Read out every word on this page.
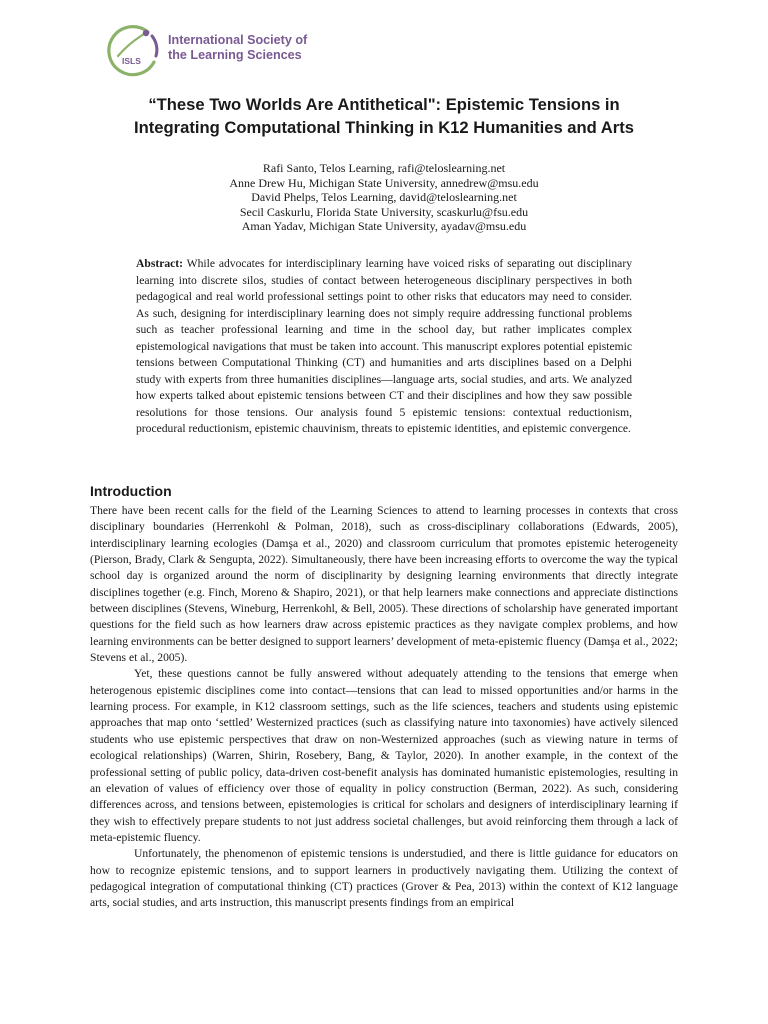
ISLS
International Society of
the Learning Sciences
“These Two Worlds Are Antithetical": Epistemic Tensions in
Integrating Computational Thinking in K12 Humanities and Arts
Rafi Santo, Telos Learning, rafi@teloslearning.net
Anne Drew Hu, Michigan State University, annedrew@msu.edu
David Phelps, Telos Learning, david@teloslearning.net
Secil Caskurlu, Florida State University, scaskurlu@fsu.edu
Aman Yadav, Michigan State University, ayadav@msu.edu
Abstract: While advocates for interdisciplinary learning have voiced risks of separating out disciplinary learning into discrete silos, studies of contact between heterogeneous disciplinary perspectives in both pedagogical and real world professional settings point to other risks that educators may need to consider. As such, designing for interdisciplinary learning does not simply require addressing functional problems such as teacher professional learning and time in the school day, but rather implicates complex epistemological navigations that must be taken into account. This manuscript explores potential epistemic tensions between Computational Thinking (CT) and humanities and arts disciplines based on a Delphi study with experts from three humanities disciplines—language arts, social studies, and arts. We analyzed how experts talked about epistemic tensions between CT and their disciplines and how they saw possible resolutions for those tensions. Our analysis found 5 epistemic tensions: contextual reductionism, procedural reductionism, epistemic chauvinism, threats to epistemic identities, and epistemic convergence.
Introduction

There have been recent calls for the field of the Learning Sciences to attend to learning processes in contexts that cross disciplinary boundaries (Herrenkohl & Polman, 2018), such as cross-disciplinary collaborations (Edwards, 2005), interdisciplinary learning ecologies (Damşa et al., 2020) and classroom curriculum that promotes epistemic heterogeneity (Pierson, Brady, Clark & Sengupta, 2022). Simultaneously, there have been increasing efforts to overcome the way the typical school day is organized around the norm of disciplinarity by designing learning environments that directly integrate disciplines together (e.g. Finch, Moreno & Shapiro, 2021), or that help learners make connections and appreciate distinctions between disciplines (Stevens, Wineburg, Herrenkohl, & Bell, 2005). These directions of scholarship have generated important questions for the field such as how learners draw across epistemic practices as they navigate complex problems, and how learning environments can be better designed to support learners’ development of meta-epistemic fluency (Damşa et al., 2022; Stevens et al., 2005).

Yet, these questions cannot be fully answered without adequately attending to the tensions that emerge when heterogenous epistemic disciplines come into contact—tensions that can lead to missed opportunities and/or harms in the learning process. For example, in K12 classroom settings, such as the life sciences, teachers and students using epistemic approaches that map onto ‘settled’ Westernized practices (such as classifying nature into taxonomies) have actively silenced students who use epistemic perspectives that draw on non-Westernized approaches (such as viewing nature in terms of ecological relationships) (Warren, Shirin, Rosebery, Bang, & Taylor, 2020). In another example, in the context of the professional setting of public policy, data-driven cost-benefit analysis has dominated humanistic epistemologies, resulting in an elevation of values of efficiency over those of equality in policy construction (Berman, 2022). As such, considering differences across, and tensions between, epistemologies is critical for scholars and designers of interdisciplinary learning if they wish to effectively prepare students to not just address societal challenges, but avoid reinforcing them through a lack of meta-epistemic fluency.

Unfortunately, the phenomenon of epistemic tensions is understudied, and there is little guidance for educators on how to recognize epistemic tensions, and to support learners in productively navigating them. Utilizing the context of pedagogical integration of computational thinking (CT) practices (Grover & Pea, 2013) within the context of K12 language arts, social studies, and arts instruction, this manuscript presents findings from an empirical
